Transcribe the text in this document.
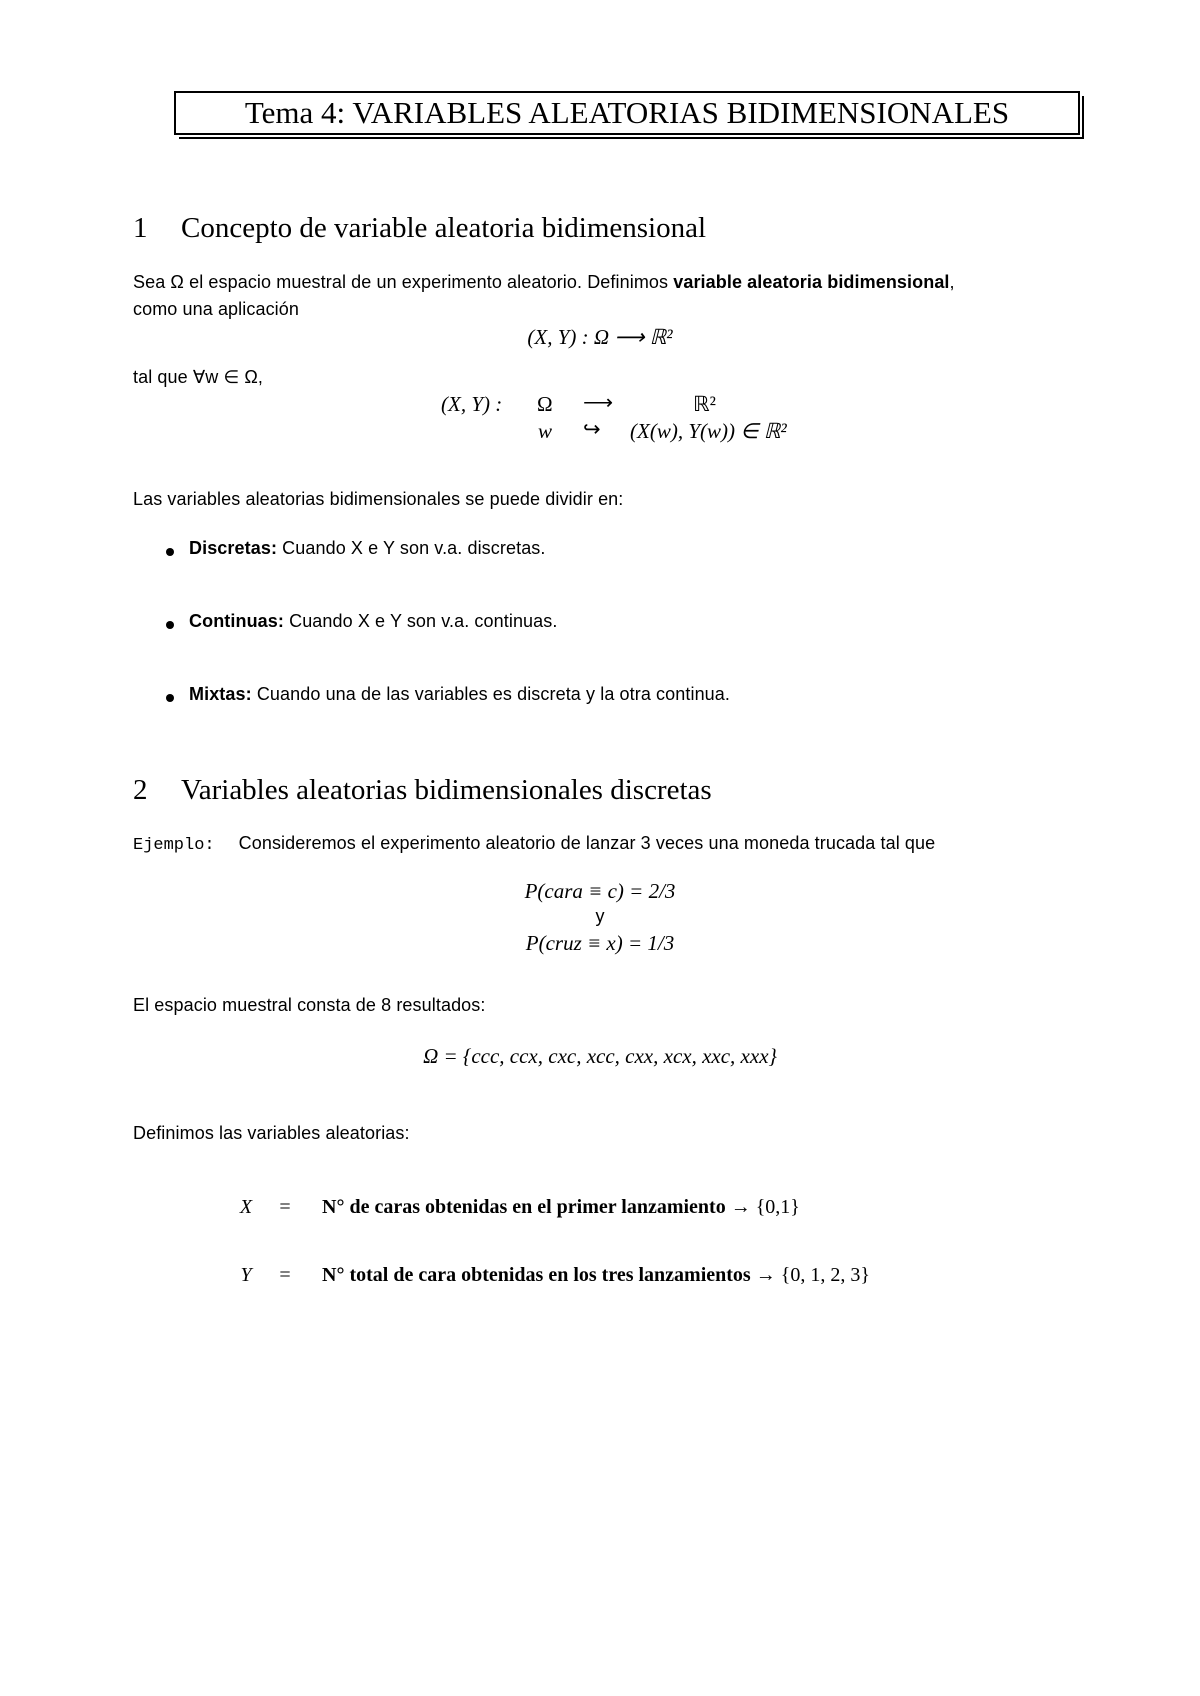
Tema 4: VARIABLES ALEATORIAS BIDIMENSIONALES
1 Concepto de variable aleatoria bidimensional
Sea Ω el espacio muestral de un experimento aleatorio. Definimos variable aleatoria bidimensional,
como una aplicación
(X, Y) : Ω ⟶ ℝ²
tal que ∀w ∈ Ω,
(X, Y) : Ω ⟶	ℝ²
w ↪ (X(w), Y(w)) ∈ ℝ²
Las variables aleatorias bidimensionales se puede dividir en:
Discretas: Cuando X e Y son v.a. discretas.
Continuas: Cuando X e Y son v.a. continuas.
Mixtas: Cuando una de las variables es discreta y la otra continua.
2 Variables aleatorias bidimensionales discretas
Ejemplo: Consideremos el experimento aleatorio de lanzar 3 veces una moneda trucada tal que
P(cara ≡ c) = 2/3
y
P(cruz ≡ x) = 1/3
El espacio muestral consta de 8 resultados:
Ω = {ccc, ccx, cxc, xcc, cxx, xcx, xxc, xxx}
Definimos las variables aleatorias:
X	=	N° de caras obtenidas en el primer lanzamiento → {0,1}
Y	=	N° total de cara obtenidas en los tres lanzamientos → {0, 1, 2, 3}
